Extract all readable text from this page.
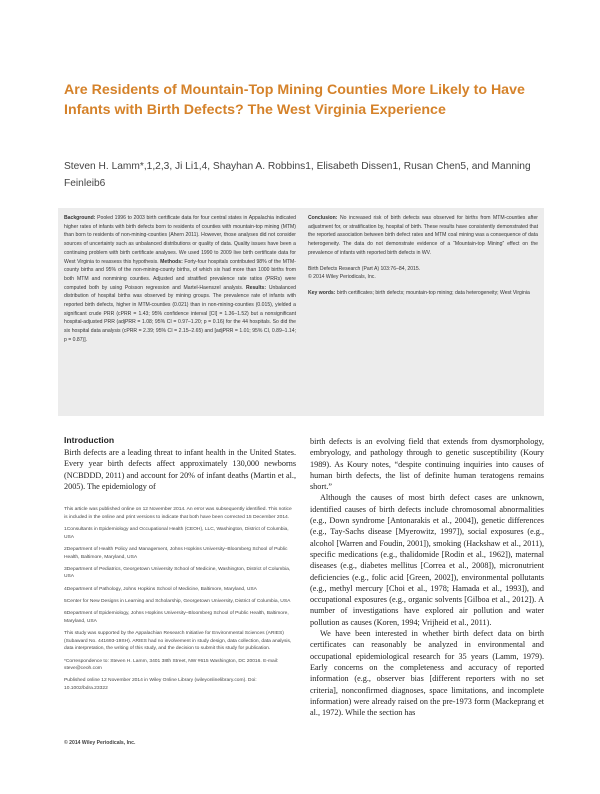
Are Residents of Mountain-Top Mining Counties More Likely to Have Infants with Birth Defects? The West Virginia Experience

Steven H. Lamm*,1,2,3, Ji Li1,4, Shayhan A. Robbins1, Elisabeth Dissen1, Rusan Chen5, and Manning Feinleib6

Background: Pooled 1996 to 2003 birth certificate data for four central states in Appalachia indicated higher rates of infants with birth defects born to residents of counties with mountain-top mining (MTM) than born to residents of non-mining-counties (Ahern 2011). However, those analyses did not consider sources of uncertainty such as unbalanced distributions or quality of data. Quality issues have been a continuing problem with birth certificate analyses. We used 1990 to 2009 live birth certificate data for West Virginia to reassess this hypothesis. Methods: Forty-four hospitals contributed 98% of the MTM-county births and 95% of the non-mining-county births, of which six had more than 1000 births from both MTM and nonmining counties. Adjusted and stratified prevalence rate ratios (PRRs) were computed both by using Poisson regression and Martel-Haenszel analysis. Results: Unbalanced distribution of hospital births was observed by mining groups. The prevalence rate of infants with reported birth defects, higher in MTM-counties (0.021) than in non-mining-counties (0.015), yielded a significant crude PRR (cPRR = 1.43; 95% confidence interval [CI] = 1.36–1.52) but a nonsignificant hospital-adjusted PRR (adjPRR = 1.08; 95% CI = 0.97–1.20; p = 0.16) for the 44 hospitals. So did the six hospital data analysis (cPRR = 2.39; 95% CI = 2.15–2.65) and [adjPRR = 1.01; 95% CI, 0.89–1.14; p = 0.87)].

Conclusion: No increased risk of birth defects was observed for births from MTM-counties after adjustment for, or stratification by, hospital of birth. These results have consistently demonstrated that the reported association between birth defect rates and MTM coal mining was a consequence of data heterogeneity. The data do not demonstrate evidence of a “Mountain-top Mining” effect on the prevalence of infants with reported birth defects in WV.

Birth Defects Research (Part A) 103:76–84, 2015.

© 2014 Wiley Periodicals, Inc.

Key words: birth certificates; birth defects; mountain-top mining; data heterogeneity; West Virginia

Introduction

Birth defects are a leading threat to infant health in the United States. Every year birth defects affect approximately 130,000 newborns (NCBDDD, 2011) and account for 20% of infant deaths (Martin et al., 2005). The epidemiology of

This article was published online on 12 November 2014. An error was subsequently identified. This notice is included in the online and print versions to indicate that both have been corrected 15 December 2014.

1Consultants in Epidemiology and Occupational Health (CEOH), LLC, Washington, District of Columbia, USA

2Department of Health Policy and Management, Johns Hopkins University–Bloomberg School of Public Health, Baltimore, Maryland, USA

3Department of Pediatrics, Georgetown University School of Medicine, Washington, District of Columbia, USA

4Department of Pathology, Johns Hopkins School of Medicine, Baltimore, Maryland, USA

5Center for New Designs in Learning and Scholarship, Georgetown University, District of Columbia, USA

6Department of Epidemiology, Johns Hopkins University–Bloomberg School of Public Health, Baltimore, Maryland, USA

This study was supported by the Appalachian Research Initiative for Environmental Sciences (ARIES) (Subaward No. 441693-19SH). ARIES had no involvement in study design, data collection, data analysis, data interpretation, the writing of this study, and the decision to submit this study for publication.

*Correspondence to: Steven H. Lamm, 3401 38th Street, NW #615 Washington, DC 20016. E-mail: steve@ceoh.com

Published online 12 November 2014 in Wiley Online Library (wileyonlinelibrary.com). Doi: 10.1002/bdra.23322

birth defects is an evolving field that extends from dysmorphology, embryology, and pathology through to genetic susceptibility (Koury 1989). As Koury notes, “despite continuing inquiries into causes of human birth defects, the list of definite human teratogens remains short.”

Although the causes of most birth defect cases are unknown, identified causes of birth defects include chromosomal abnormalities (e.g., Down syndrome [Antonarakis et al., 2004]), genetic differences (e.g., Tay-Sachs disease [Myerowitz, 1997]), social exposures (e.g., alcohol [Warren and Foudin, 2001]), smoking (Hackshaw et al., 2011), specific medications (e.g., thalidomide [Rodin et al., 1962]), maternal diseases (e.g., diabetes mellitus [Correa et al., 2008]), micronutrient deficiencies (e.g., folic acid [Green, 2002]), environmental pollutants (e.g., methyl mercury [Choi et al., 1978; Hamada et al., 1993]), and occupational exposures (e.g., organic solvents [Gilboa et al., 2012]). A number of investigations have explored air pollution and water pollution as causes (Koren, 1994; Vrijheid et al., 2011).

We have been interested in whether birth defect data on birth certificates can reasonably be analyzed in environmental and occupational epidemiological research for 35 years (Lamm, 1979). Early concerns on the completeness and accuracy of reported information (e.g., observer bias [different reporters with no set criteria], nonconfirmed diagnoses, space limitations, and incomplete information) were already raised on the pre-1973 form (Mackeprang et al., 1972). While the section has

© 2014 Wiley Periodicals, Inc.
